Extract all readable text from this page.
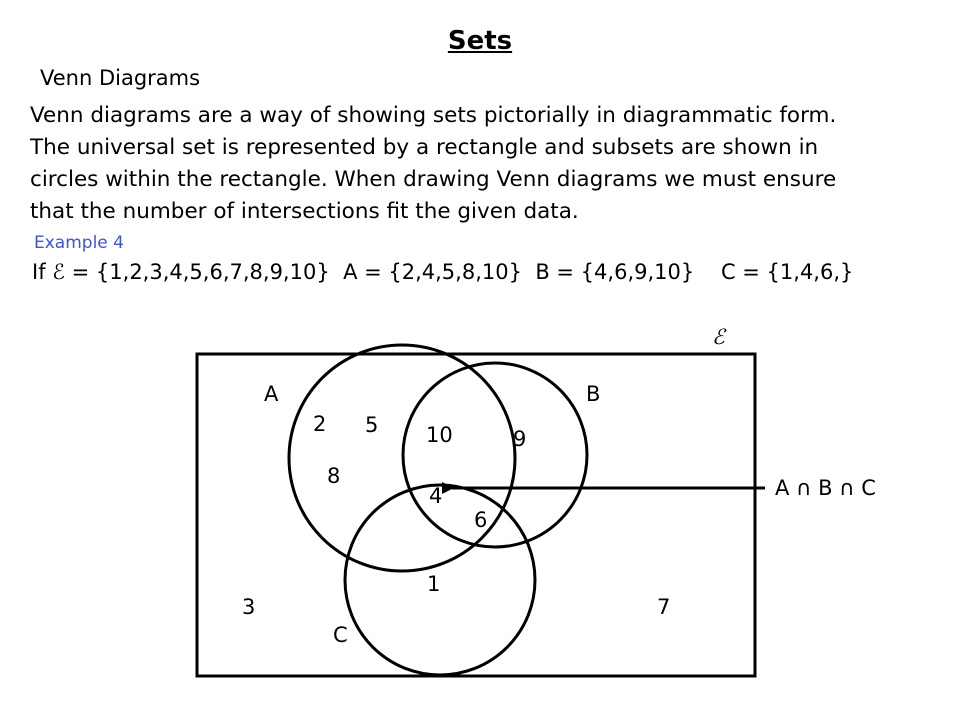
Sets
Venn Diagrams
Venn diagrams are a way of showing sets pictorially in diagrammatic form.
The universal set is represented by a rectangle and subsets are shown in
circles within the rectangle. When drawing Venn diagrams we must ensure
that the number of intersections fit the given data.
Example 4
If ℰ = {1,2,3,4,5,6,7,8,9,10} A = {2,4,5,8,10} B = {4,6,9,10} C = {1,4,6,}
ℰ
A	B
C
2 5
8
10	9
4
6
1
3	7
A ∩ B ∩ C
